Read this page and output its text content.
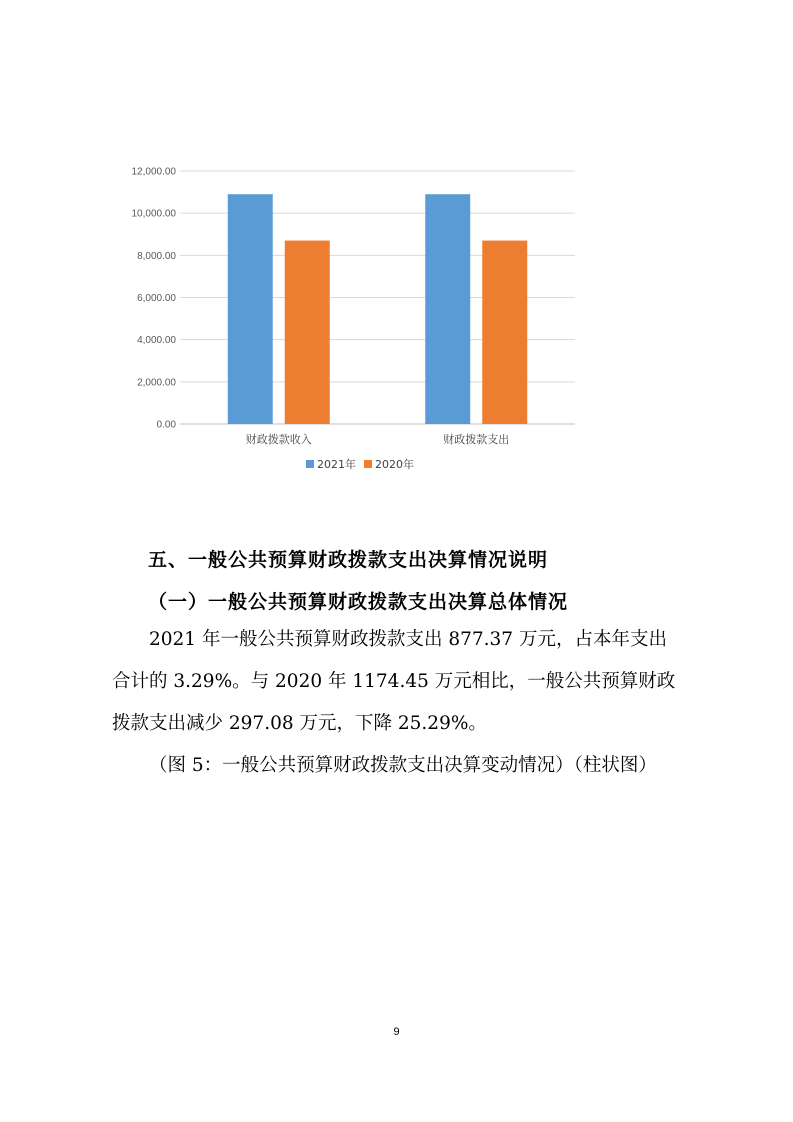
0.00
2,000.00
4,000.00
6,000.00
8,000.00
10,000.00
12,000.00
财政拨款收入	财政拨款支出
2021年 2020年
五、一般公共预算财政拨款支出决算情况说明
（一）一般公共预算财政拨款支出决算总体情况

2021 年一般公共预算财政拨款支出 877.37 万元，占本年支出合计的 3.29%。与 2020 年 1174.45 万元相比，一般公共预算财政拨款支出减少 297.08 万元，下降 25.29%。

（图 5：一般公共预算财政拨款支出决算变动情况）（柱状图）

9
